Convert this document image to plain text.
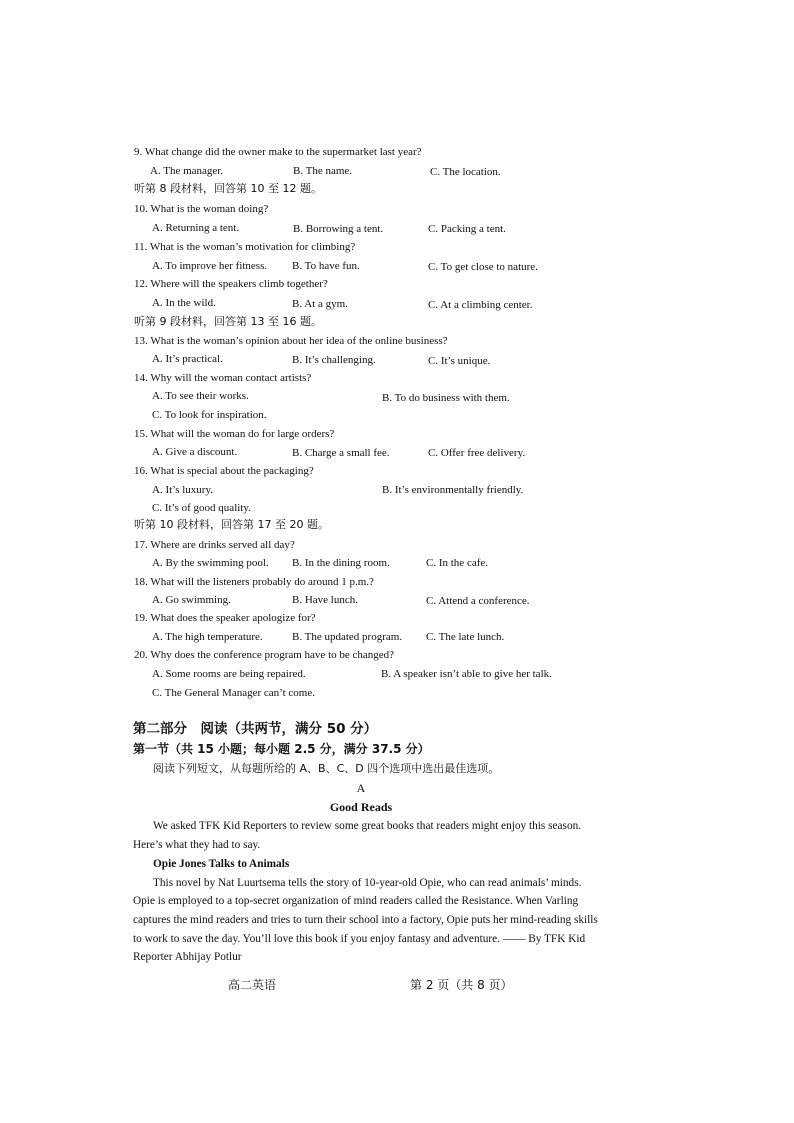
9. What change did the owner make to the supermarket last year?
A. The manager.	B. The name.	C. The location.
听第 8 段材料，回答第 10 至 12 题。
10. What is the woman doing?
A. Returning a tent.	B. Borrowing a tent.	C. Packing a tent.
11. What is the woman’s motivation for climbing?
A. To improve her fitness. B. To have fun.	C. To get close to nature.
12. Where will the speakers climb together?
A. In the wild.	B. At a gym.	C. At a climbing center.
听第 9 段材料，回答第 13 至 16 题。
13. What is the woman’s opinion about her idea of the online business?
A. It’s practical.	B. It’s challenging.	C. It’s unique.
14. Why will the woman contact artists?
A. To see their works.	B. To do business with them.
C. To look for inspiration.
15. What will the woman do for large orders?
A. Give a discount.	B. Charge a small fee.	C. Offer free delivery.
16. What is special about the packaging?
A. It’s luxury.	B. It’s environmentally friendly.
C. It’s of good quality.
听第 10 段材料，回答第 17 至 20 题。
17. Where are drinks served all day?
A. By the swimming pool. B. In the dining room.	C. In the cafe.
18. What will the listeners probably do around 1 p.m.?
A. Go swimming.	B. Have lunch.	C. Attend a conference.
19. What does the speaker apologize for?
A. The high temperature.	B. The updated program. C. The late lunch.
20. Why does the conference program have to be changed?
A. Some rooms are being repaired.	B. A speaker isn’t able to give her talk.
C. The General Manager can’t come.
第二部分　阅读（共两节，满分 50 分）
第一节（共 15 小题；每小题 2.5 分，满分 37.5 分）
阅读下列短文，从每题所给的 A、B、C、D 四个选项中选出最佳选项。
A
Good Reads
We asked TFK Kid Reporters to review some great books that readers might enjoy this season.
Here’s what they had to say.
Opie Jones Talks to Animals
This novel by Nat Luurtsema tells the story of 10-year-old Opie, who can read animals’ minds.
Opie is employed to a top-secret organization of mind readers called the Resistance. When Varling
captures the mind readers and tries to turn their school into a factory, Opie puts her mind-reading skills
to work to save the day. You’ll love this book if you enjoy fantasy and adventure. —— By TFK Kid
Reporter Abhijay Potlur
高二英语	第 2 页（共 8 页）
